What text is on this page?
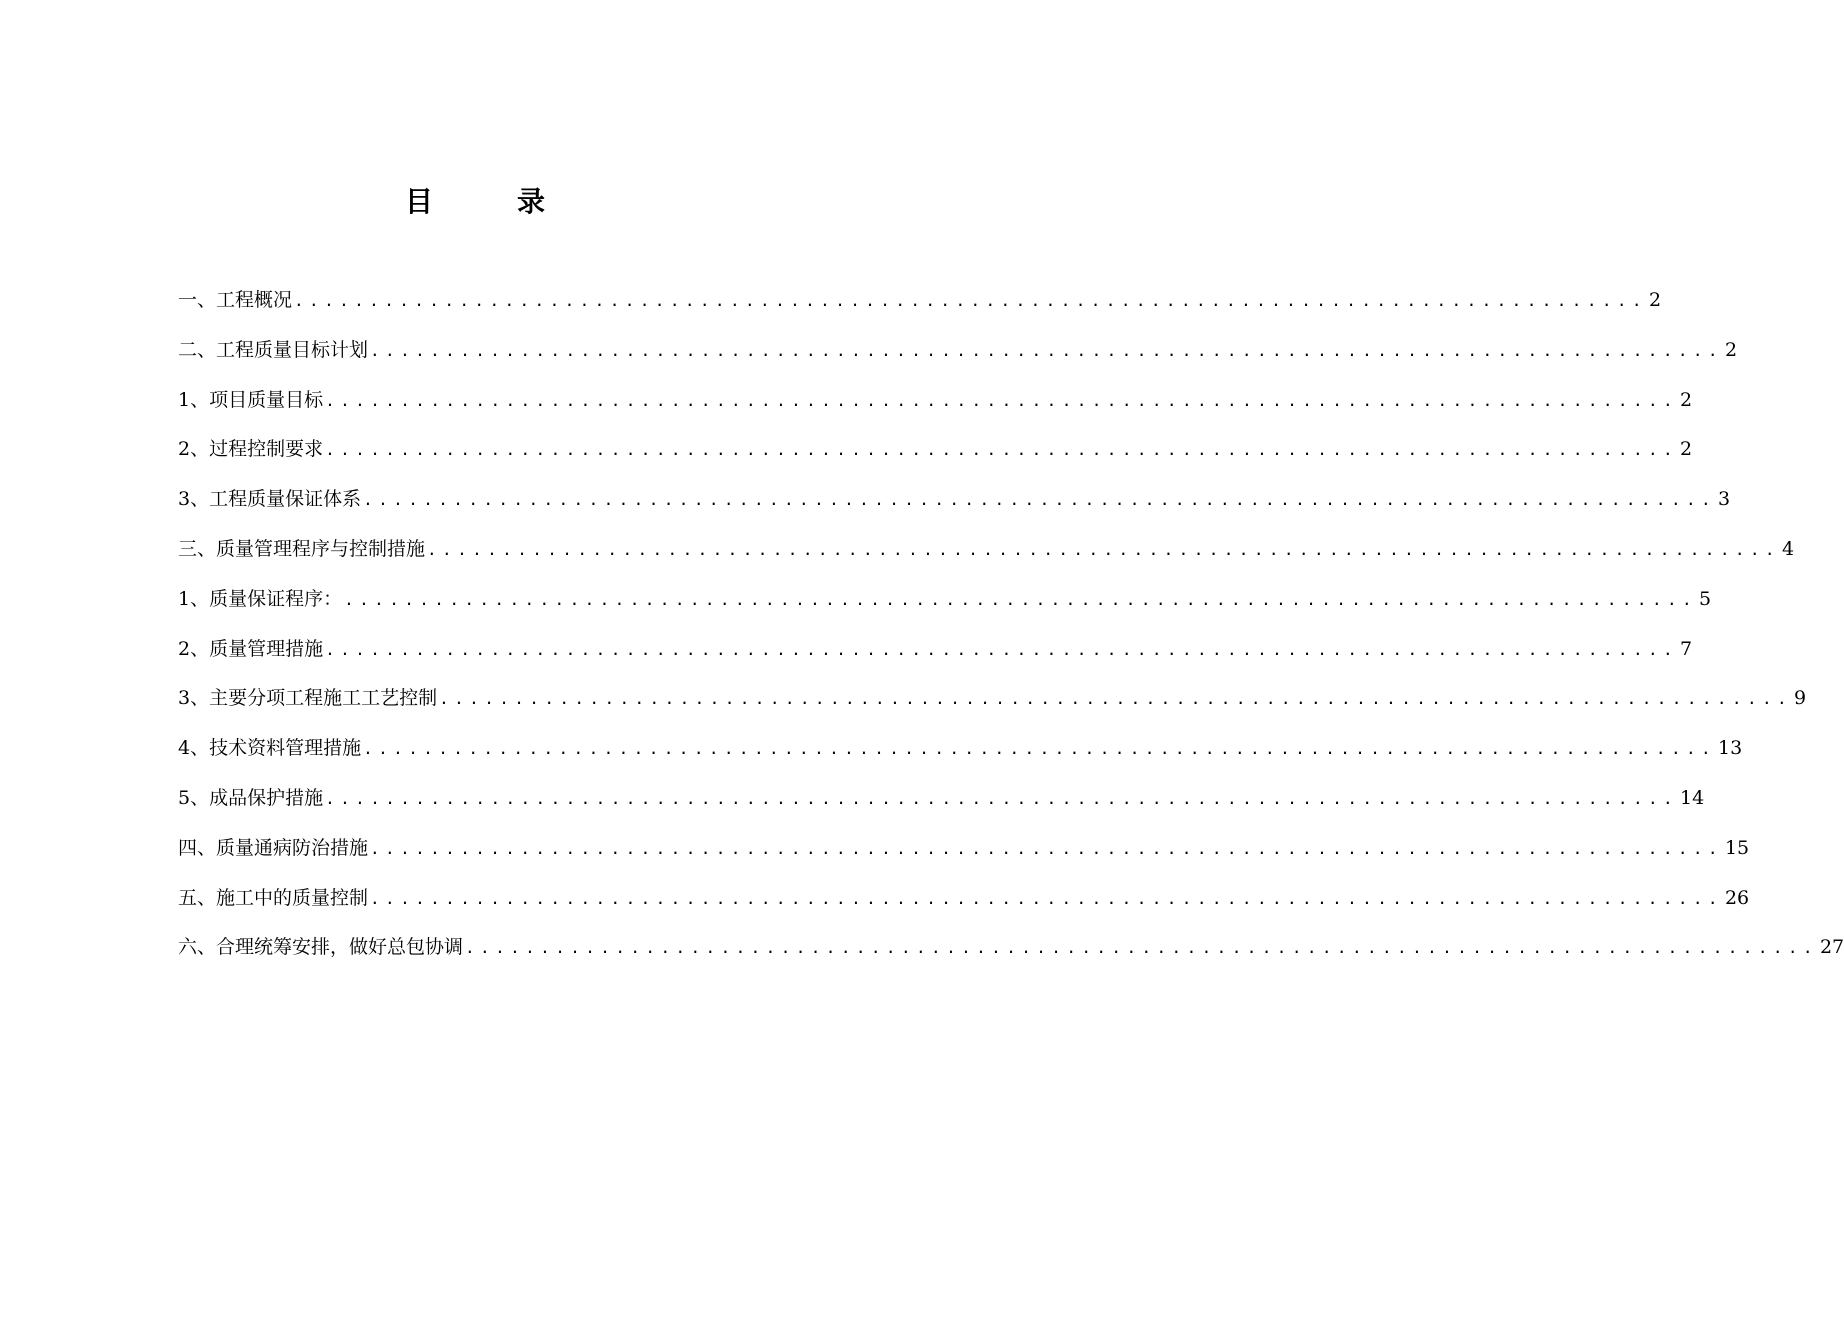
目　录
一、工程概况 .......................................................................................... 2
二、工程质量目标计划 .......................................................................................... 2
1、项目质量目标 .......................................................................................... 2
2、过程控制要求 .......................................................................................... 2
3、工程质量保证体系 .......................................................................................... 3
三、质量管理程序与控制措施 .......................................................................................... 4
1、质量保证程序： .......................................................................................... 5
2、质量管理措施 .......................................................................................... 7
3、主要分项工程施工工艺控制 .......................................................................................... 9
4、技术资料管理措施 .......................................................................................... 13
5、成品保护措施 .......................................................................................... 14
四、质量通病防治措施 .......................................................................................... 15
五、施工中的质量控制 .......................................................................................... 26
六、合理统筹安排，做好总包协调 .......................................................................................... 27
